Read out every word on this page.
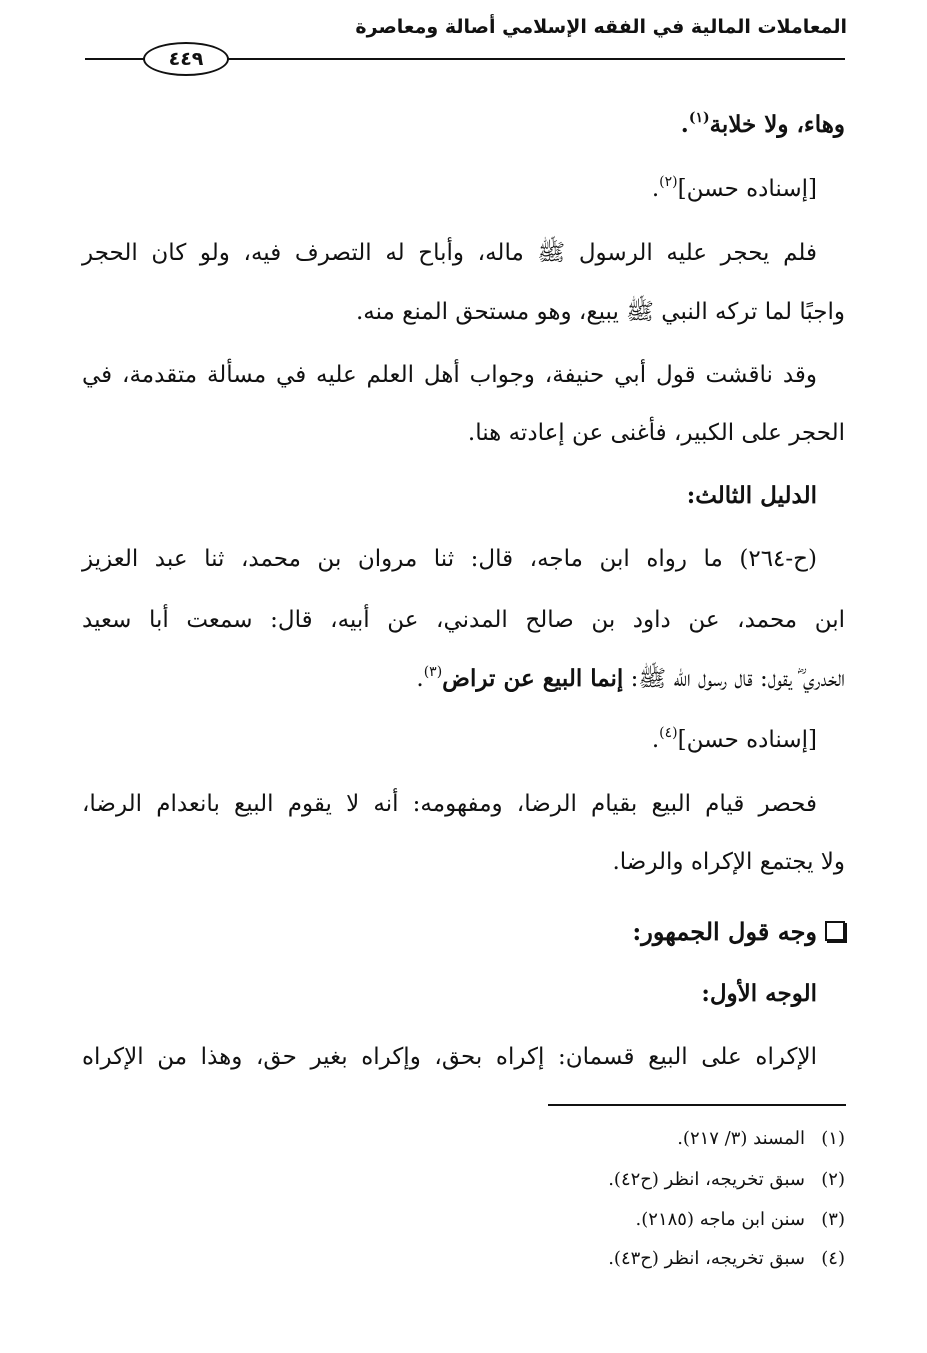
المعاملات المالية في الفقه الإسلامي أصالة ومعاصرة
٤٤٩
وهاء، ولا خلابة$^{(١)}$.
[إسناده حسن]$^{(٢)}$.
فلم يحجر عليه الرسول ﷺ ماله، وأباح له التصرف فيه، ولو كان الحجر
واجبًا لما تركه النبي ﷺ يبيع، وهو مستحق المنع منه.
وقد ناقشت قول أبي حنيفة، وجواب أهل العلم عليه في مسألة متقدمة، في
الحجر على الكبير، فأغنى عن إعادته هنا.
الدليل الثالث:
(ح-٢٦٤) ما رواه ابن ماجه، قال: ثنا مروان بن محمد، ثنا عبد العزيز
ابن محمد، عن داود بن صالح المدني، عن أبيه، قال: سمعت أبا سعيد
الخدري ؓ يقول: قال رسول الله ﷺ: إنما البيع عن تراض$^{(٣)}$.
[إسناده حسن]$^{(٤)}$.
فحصر قيام البيع بقيام الرضا، ومفهومه: أنه لا يقوم البيع بانعدام الرضا،
ولا يجتمع الإكراه والرضا.
وجه قول الجمهور:
الوجه الأول:
الإكراه على البيع قسمان: إكراه بحق، وإكراه بغير حق، وهذا من الإكراه
(١)المسند (٣/ ٢١٧).
(٢)سبق تخريجه، انظر (ح٤٢).
(٣)سنن ابن ماجه (٢١٨٥).
(٤)سبق تخريجه، انظر (ح٤٣).
